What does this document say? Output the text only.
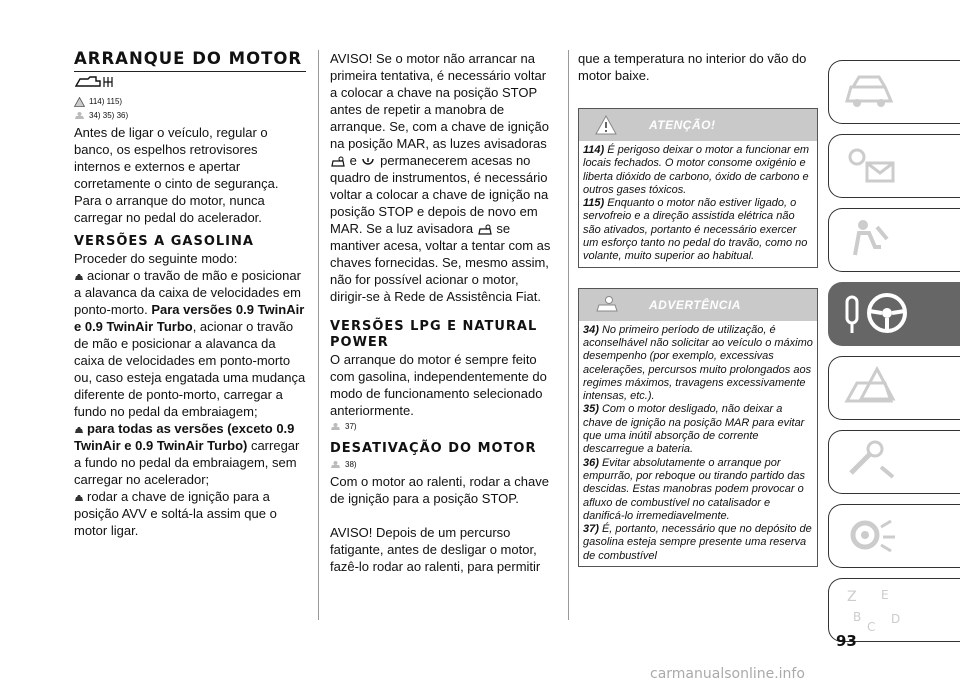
ARRANQUE DO MOTOR
114) 115)
34) 35) 36)

Antes de ligar o veículo, regular o banco, os espelhos retrovisores internos e externos e apertar corretamente o cinto de segurança. Para o arranque do motor, nunca carregar no pedal do acelerador.

VERSÕES A GASOLINA

Proceder do seguinte modo:

acionar o travão de mão e posicionar a alavanca da caixa de velocidades em ponto-morto. Para versões 0.9 TwinAir e 0.9 TwinAir Turbo, acionar o travão de mão e posicionar a alavanca da caixa de velocidades em ponto-morto ou, caso esteja engatada uma mudança diferente de ponto-morto, carregar a fundo no pedal da embraiagem;

para todas as versões (exceto 0.9 TwinAir e 0.9 TwinAir Turbo) carregar a fundo no pedal da embraiagem, sem carregar no acelerador;

rodar a chave de ignição para a posição AVV e soltá-la assim que o motor ligar.

AVISO! Se o motor não arrancar na primeira tentativa, é necessário voltar a colocar a chave na posição STOP antes de repetir a manobra de arranque. Se, com a chave de ignição na posição MAR, as luzes avisadoras  e permanecerem acesas no quadro de instrumentos, é necessário voltar a colocar a chave de ignição na posição STOP e depois de novo em MAR. Se a luz avisadora se mantiver acesa, voltar a tentar com as chaves fornecidas. Se, mesmo assim, não for possível acionar o motor, dirigir-se à Rede de Assistência Fiat.

VERSÕES LPG E NATURAL POWER

O arranque do motor é sempre feito com gasolina, independentemente do modo de funcionamento selecionado anteriormente.

37)
DESATIVAÇÃO DO MOTOR
38)

Com o motor ao ralenti, rodar a chave de ignição para a posição STOP.

AVISO! Depois de um percurso fatigante, antes de desligar o motor, fazê-lo rodar ao ralenti, para permitir

que a temperatura no interior do vão do motor baixe.

ATENÇÃO!
114) É perigoso deixar o motor a funcionar em locais fechados. O motor consome oxigénio e liberta dióxido de carbono, óxido de carbono e outros gases tóxicos.
115) Enquanto o motor não estiver ligado, o servofreio e a direção assistida elétrica não são ativados, portanto é necessário exercer um esforço tanto no pedal do travão, como no volante, muito superior ao habitual.
ADVERTÊNCIA
34) No primeiro período de utilização, é aconselhável não solicitar ao veículo o máximo desempenho (por exemplo, excessivas acelerações, percursos muito prolongados aos regimes máximos, travagens excessivamente intensas, etc.).
35) Com o motor desligado, não deixar a chave de ignição na posição MAR para evitar que uma inútil absorção de corrente descarregue a bateria.
36) Evitar absolutamente o arranque por empurrão, por reboque ou tirando partido das descidas. Estas manobras podem provocar o afluxo de combustível no catalisador e danificá-lo irremediavelmente.
37) É, portanto, necessário que no depósito de gasolina esteja sempre presente uma reserva de combustível
Z E
B
C
D
93
carmanualsonline.info
